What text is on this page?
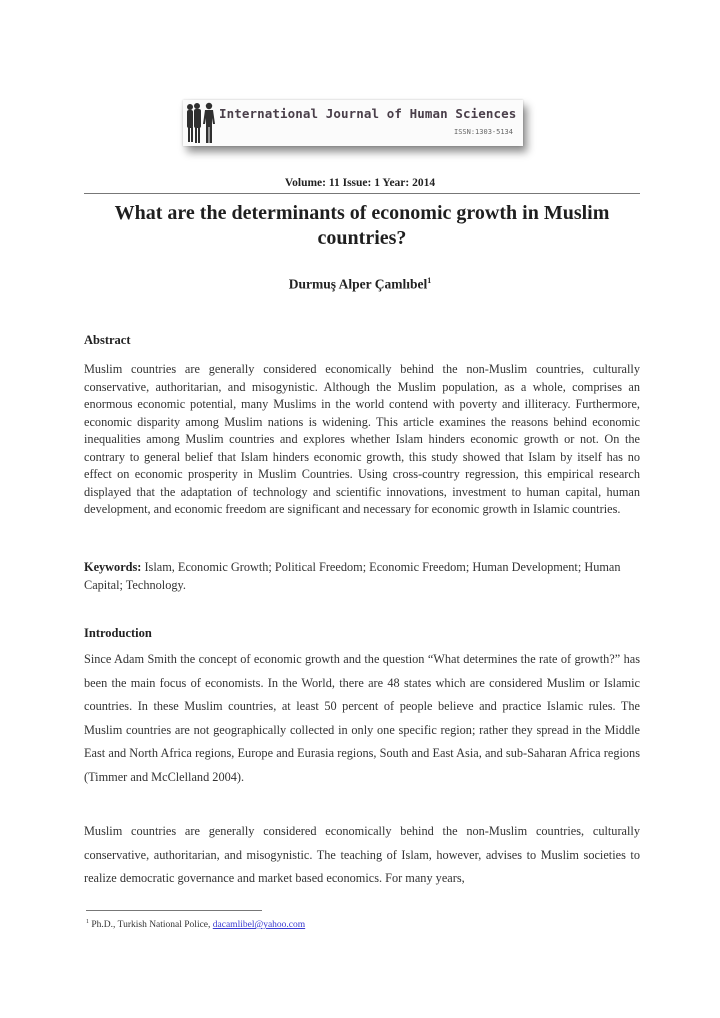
International Journal of Human Sciences
ISSN:1303-5134
Volume: 11 Issue: 1 Year: 2014
What are the determinants of economic growth in Muslim countries?
Durmuş Alper Çamlıbel$^1$
Abstract
Muslim countries are generally considered economically behind the non-Muslim countries, culturally conservative, authoritarian, and misogynistic. Although the Muslim population, as a whole, comprises an enormous economic potential, many Muslims in the world contend with poverty and illiteracy. Furthermore, economic disparity among Muslim nations is widening. This article examines the reasons behind economic inequalities among Muslim countries and explores whether Islam hinders economic growth or not. On the contrary to general belief that Islam hinders economic growth, this study showed that Islam by itself has no effect on economic prosperity in Muslim Countries. Using cross-country regression, this empirical research displayed that the adaptation of technology and scientific innovations, investment to human capital, human development, and economic freedom are significant and necessary for economic growth in Islamic countries.
Keywords: Islam, Economic Growth; Political Freedom; Economic Freedom; Human Development; Human Capital; Technology.
Introduction
Since Adam Smith the concept of economic growth and the question “What determines the rate of growth?” has been the main focus of economists. In the World, there are 48 states which are considered Muslim or Islamic countries. In these Muslim countries, at least 50 percent of people believe and practice Islamic rules. The Muslim countries are not geographically collected in only one specific region; rather they spread in the Middle East and North Africa regions, Europe and Eurasia regions, South and East Asia, and sub-Saharan Africa regions (Timmer and McClelland 2004).
Muslim countries are generally considered economically behind the non-Muslim countries, culturally conservative, authoritarian, and misogynistic. The teaching of Islam, however, advises to Muslim societies to realize democratic governance and market based economics. For many years,
$^1$ Ph.D., Turkish National Police, dacamlibel@yahoo.com
